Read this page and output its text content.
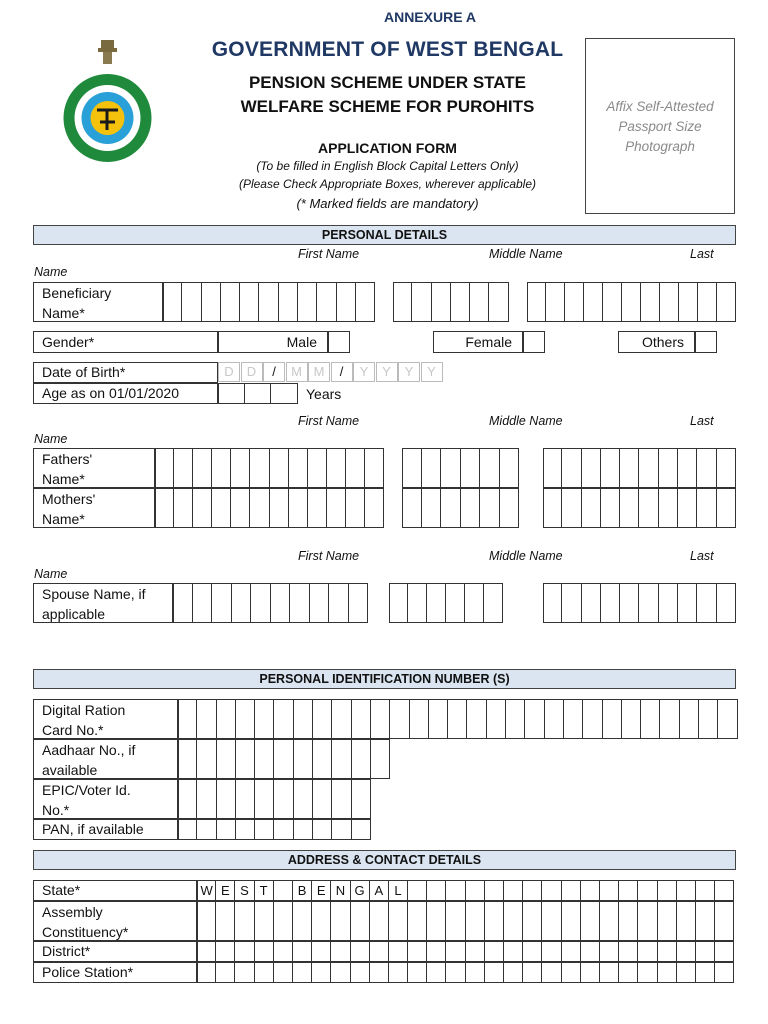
ANNEXURE A
GOVERNMENT OF WEST BENGAL
PENSION SCHEME UNDER STATE
WELFARE SCHEME FOR PUROHITS
APPLICATION FORM
(To be filled in English Block Capital Letters Only)
(Please Check Appropriate Boxes, wherever applicable)
(* Marked fields are mandatory)
Affix Self-Attested
Passport Size
Photograph
PERSONAL DETAILS
First Name	Middle Name	Last
Name
Beneficiary
Name*
Gender*	Male	Female	Others
Date of Birth*	D	D	/	M M	/	Y	Y	Y	Y
Age as on 01/01/2020	Years
First Name	Middle Name	Last
Name
Fathers'
Name*
Mothers'
Name*
First Name	Middle Name	Last
Name
Spouse Name, if
applicable
PERSONAL IDENTIFICATION NUMBER (S)
Digital Ration
Card No.*
Aadhaar No., if
available
EPIC/Voter Id.
No.*
PAN, if available
ADDRESS & CONTACT DETAILS
State*	W E S T	B E N G A L
Assembly
Constituency*
District*
Police Station*
